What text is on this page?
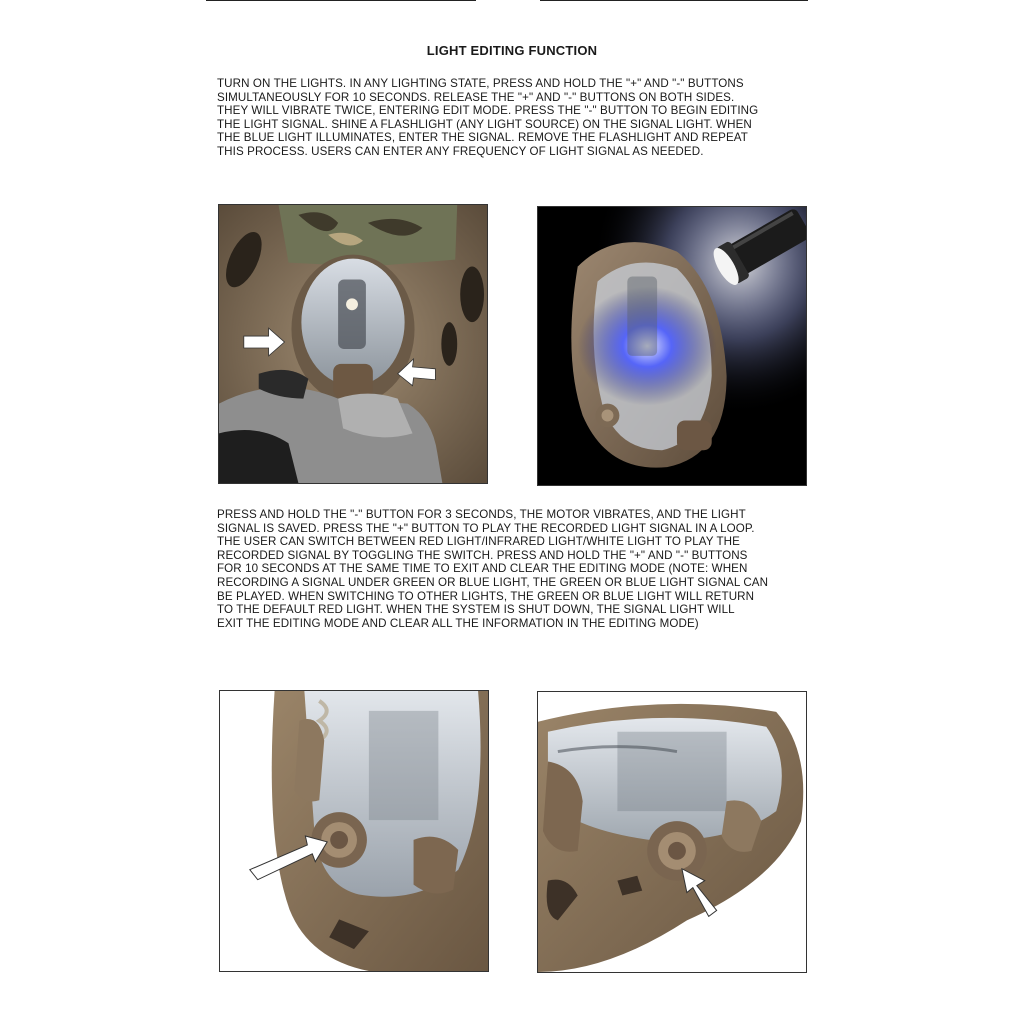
LIGHT EDITING FUNCTION
TURN ON THE LIGHTS. IN ANY LIGHTING STATE, PRESS AND HOLD THE "+" AND "-" BUTTONS
SIMULTANEOUSLY FOR 10 SECONDS. RELEASE THE "+" AND "-" BUTTONS ON BOTH SIDES.
THEY WILL VIBRATE TWICE, ENTERING EDIT MODE. PRESS THE "-" BUTTON TO BEGIN EDITING
THE LIGHT SIGNAL. SHINE A FLASHLIGHT (ANY LIGHT SOURCE) ON THE SIGNAL LIGHT. WHEN
THE BLUE LIGHT ILLUMINATES, ENTER THE SIGNAL. REMOVE THE FLASHLIGHT AND REPEAT
THIS PROCESS. USERS CAN ENTER ANY FREQUENCY OF LIGHT SIGNAL AS NEEDED.
PRESS AND HOLD THE "-" BUTTON FOR 3 SECONDS, THE MOTOR VIBRATES, AND THE LIGHT
SIGNAL IS SAVED. PRESS THE "+" BUTTON TO PLAY THE RECORDED LIGHT SIGNAL IN A LOOP.
THE USER CAN SWITCH BETWEEN RED LIGHT/INFRARED LIGHT/WHITE LIGHT TO PLAY THE
RECORDED SIGNAL BY TOGGLING THE SWITCH. PRESS AND HOLD THE "+" AND "-" BUTTONS
FOR 10 SECONDS AT THE SAME TIME TO EXIT AND CLEAR THE EDITING MODE (NOTE: WHEN
RECORDING A SIGNAL UNDER GREEN OR BLUE LIGHT, THE GREEN OR BLUE LIGHT SIGNAL CAN
BE PLAYED. WHEN SWITCHING TO OTHER LIGHTS, THE GREEN OR BLUE LIGHT WILL RETURN
TO THE DEFAULT RED LIGHT. WHEN THE SYSTEM IS SHUT DOWN, THE SIGNAL LIGHT WILL
EXIT THE EDITING MODE AND CLEAR ALL THE INFORMATION IN THE EDITING MODE)
